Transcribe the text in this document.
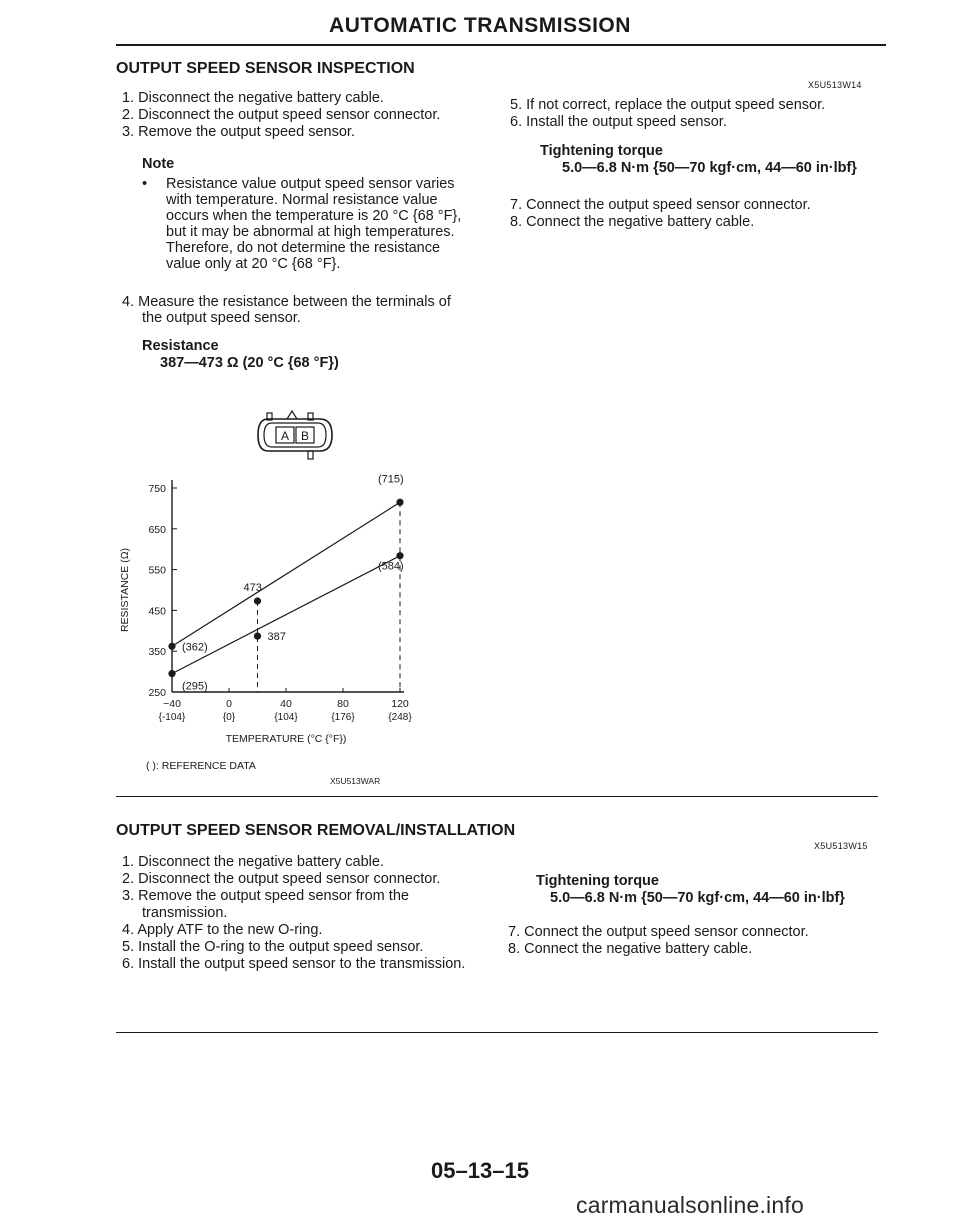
AUTOMATIC TRANSMISSION
OUTPUT SPEED SENSOR INSPECTION
X5U513W14
1. Disconnect the negative battery cable.
2. Disconnect the output speed sensor connector.
3. Remove the output speed sensor.
Note
•	Resistance value output speed sensor varies with temperature. Normal resistance value occurs when the temperature is 20 °C {68 °F}, but it may be abnormal at high temperatures. Therefore, do not determine the resistance value only at 20 °C {68 °F}.
4. Measure the resistance between the terminals of the output speed sensor.
Resistance
387—473 Ω (20 °C {68 °F})
5. If not correct, replace the output speed sensor.
6. Install the output speed sensor.
Tightening torque
5.0—6.8 N·m {50—70 kgf·cm, 44—60 in·lbf}
7. Connect the output speed sensor connector.
8. Connect the negative battery cable.
A B
750
650
550
450
350
250
−40
{-104}
0
{0}
40
{104}
80
{176}
120
{248}
TEMPERATURE (°C {°F})
RESISTANCE (Ω)
(362)
473
(715)
(295)
387
(584)
( ): REFERENCE DATA
X5U513WAR
OUTPUT SPEED SENSOR REMOVAL/INSTALLATION
X5U513W15
1. Disconnect the negative battery cable.
2. Disconnect the output speed sensor connector.
3. Remove the output speed sensor from the transmission.
4. Apply ATF to the new O-ring.
5. Install the O-ring to the output speed sensor.
6. Install the output speed sensor to the transmission.
Tightening torque
5.0—6.8 N·m {50—70 kgf·cm, 44—60 in·lbf}
7. Connect the output speed sensor connector.
8. Connect the negative battery cable.
05–13–15
carmanualsonline.info
